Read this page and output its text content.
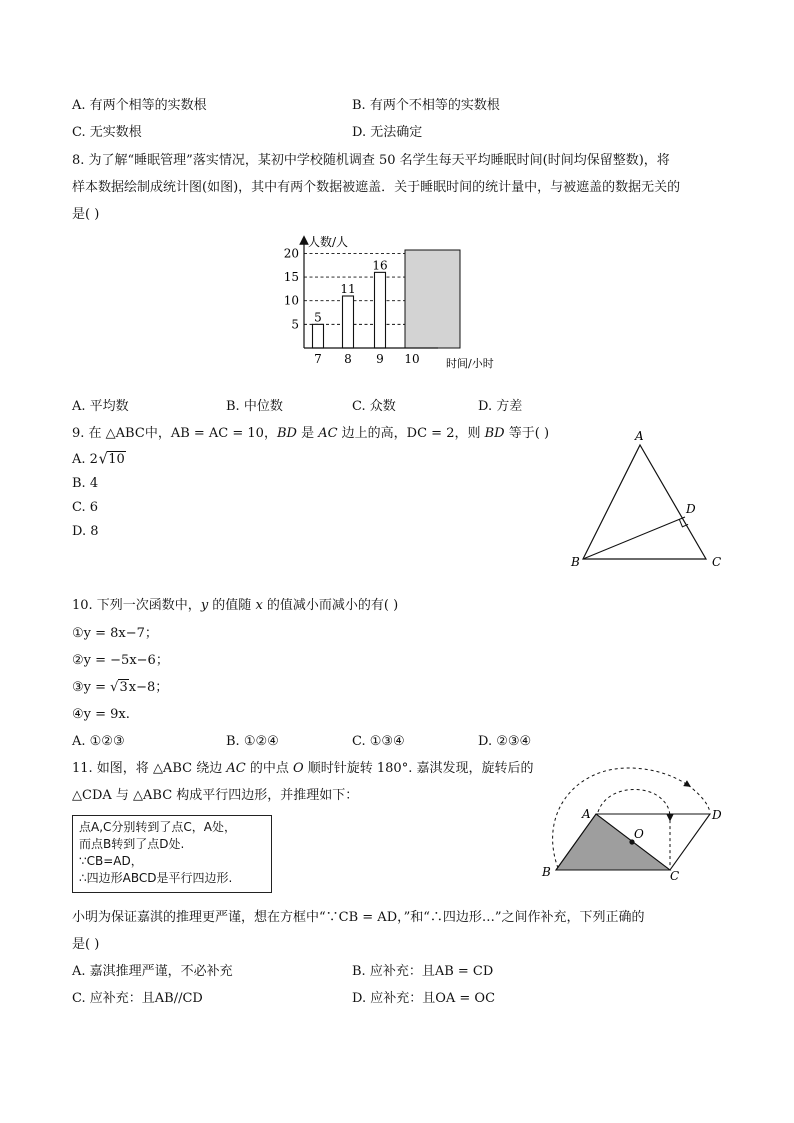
A. 有两个相等的实数根	B. 有两个不相等的实数根
C. 无实数根	D. 无法确定
8. 为了解“睡眠管理”落实情况，某初中学校随机调查 50 名学生每天平均睡眠时间(时间均保留整数)，将
样本数据绘制成统计图(如图)，其中有两个数据被遮盖．关于睡眠时间的统计量中，与被遮盖的数据无关的
是( )
5
11
16
人数/人
时间/小时
5
10
15
20
7 8 9 10
A. 平均数	B. 中位数	C. 众数	D. 方差
9. 在 △ABC中，AB = AC = 10，BD 是 AC 边上的高，DC = 2，则 BD 等于( )
A. 2√10
B. 4
C. 6
D. 8
A
B	C
D
10. 下列一次函数中，y 的值随 x 的值减小而减小的有( )
①y = 8x−7；
②y = −5x−6；
③y = √3x−8；
④y = 9x.
A. ①②③	B. ①②④	C. ①③④	D. ②③④
11. 如图，将 △ABC 绕边 AC 的中点 O 顺时针旋转 180°. 嘉淇发现，旋转后的
△CDA 与 △ABC 构成平行四边形，并推理如下：
点A,C分别转到了点C，A处，
而点B转到了点D处.
∵CB=AD，
∴四边形ABCD是平行四边形.
A
B	C
D
O
小明为保证嘉淇的推理更严谨，想在方框中“∵CB = AD，”和“∴四边形…”之间作补充，下列正确的
是( )
A. 嘉淇推理严谨，不必补充	B. 应补充：且AB = CD
C. 应补充：且AB//CD	D. 应补充：且OA = OC
